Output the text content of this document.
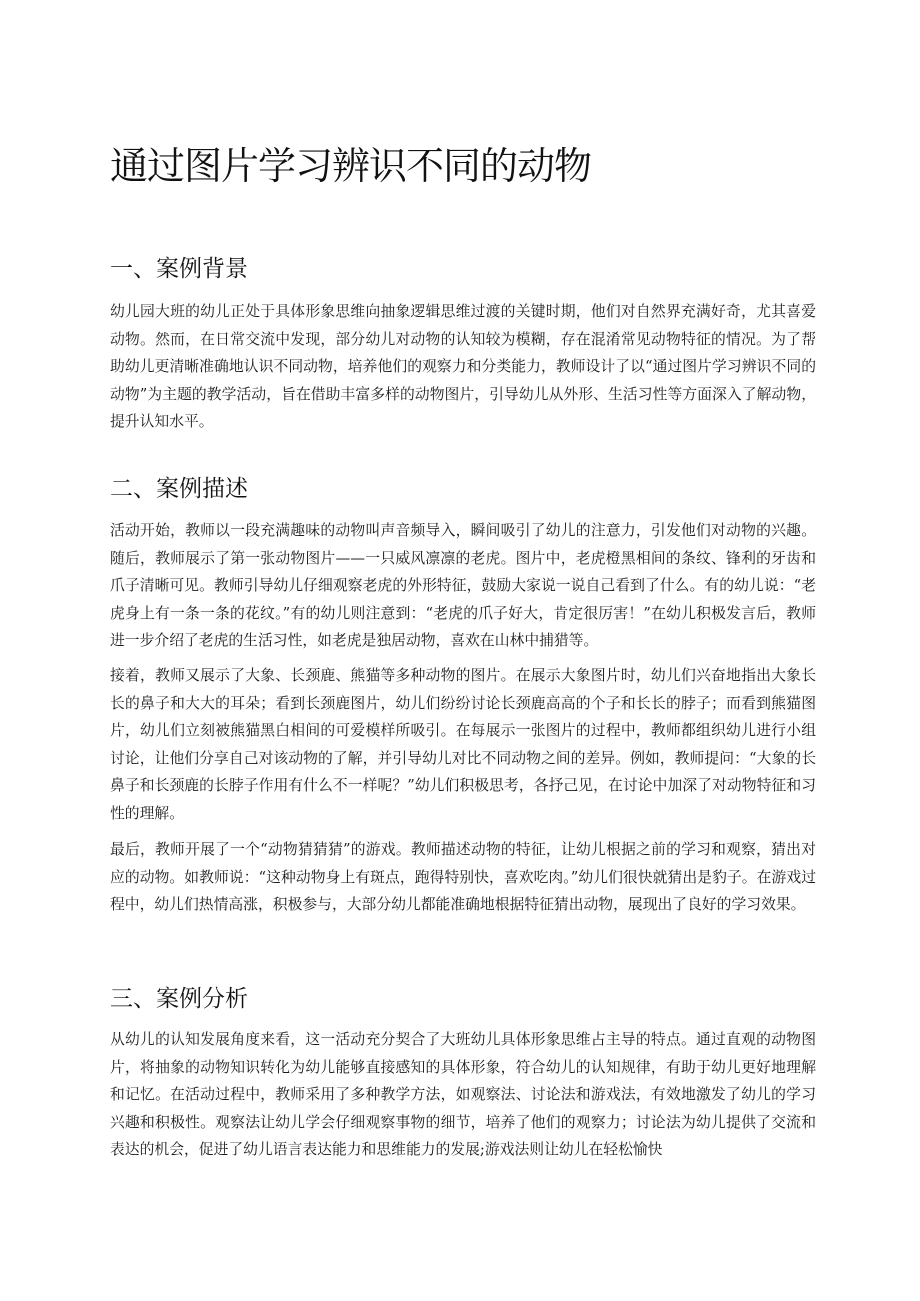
通过图片学习辨识不同的动物
一、案例背景

幼儿园大班的幼儿正处于具体形象思维向抽象逻辑思维过渡的关键时期，他们对自然界充满好奇，尤其喜爱动物。然而，在日常交流中发现，部分幼儿对动物的认知较为模糊，存在混淆常见动物特征的情况。为了帮助幼儿更清晰准确地认识不同动物，培养他们的观察力和分类能力，教师设计了以“通过图片学习辨识不同的动物”为主题的教学活动，旨在借助丰富多样的动物图片，引导幼儿从外形、生活习性等方面深入了解动物，提升认知水平。

二、案例描述

活动开始，教师以一段充满趣味的动物叫声音频导入，瞬间吸引了幼儿的注意力，引发他们对动物的兴趣。随后，教师展示了第一张动物图片——一只威风凛凛的老虎。图片中，老虎橙黑相间的条纹、锋利的牙齿和爪子清晰可见。教师引导幼儿仔细观察老虎的外形特征，鼓励大家说一说自己看到了什么。有的幼儿说：“老虎身上有一条一条的花纹。”有的幼儿则注意到：“老虎的爪子好大，肯定很厉害！”在幼儿积极发言后，教师进一步介绍了老虎的生活习性，如老虎是独居动物，喜欢在山林中捕猎等。

接着，教师又展示了大象、长颈鹿、熊猫等多种动物的图片。在展示大象图片时，幼儿们兴奋地指出大象长长的鼻子和大大的耳朵；看到长颈鹿图片，幼儿们纷纷讨论长颈鹿高高的个子和长长的脖子；而看到熊猫图片，幼儿们立刻被熊猫黑白相间的可爱模样所吸引。在每展示一张图片的过程中，教师都组织幼儿进行小组讨论，让他们分享自己对该动物的了解，并引导幼儿对比不同动物之间的差异。例如，教师提问：“大象的长鼻子和长颈鹿的长脖子作用有什么不一样呢？”幼儿们积极思考，各抒己见，在讨论中加深了对动物特征和习性的理解。

最后，教师开展了一个“动物猜猜猜”的游戏。教师描述动物的特征，让幼儿根据之前的学习和观察，猜出对应的动物。如教师说：“这种动物身上有斑点，跑得特别快，喜欢吃肉。”幼儿们很快就猜出是豹子。在游戏过程中，幼儿们热情高涨，积极参与，大部分幼儿都能准确地根据特征猜出动物，展现出了良好的学习效果。

三、案例分析

从幼儿的认知发展角度来看，这一活动充分契合了大班幼儿具体形象思维占主导的特点。通过直观的动物图片，将抽象的动物知识转化为幼儿能够直接感知的具体形象，符合幼儿的认知规律，有助于幼儿更好地理解和记忆。在活动过程中，教师采用了多种教学方法，如观察法、讨论法和游戏法，有效地激发了幼儿的学习兴趣和积极性。观察法让幼儿学会仔细观察事物的细节，培养了他们的观察力；讨论法为幼儿提供了交流和表达的机会，促进了幼儿语言表达能力和思维能力的发展;游戏法则让幼儿在轻松愉快
